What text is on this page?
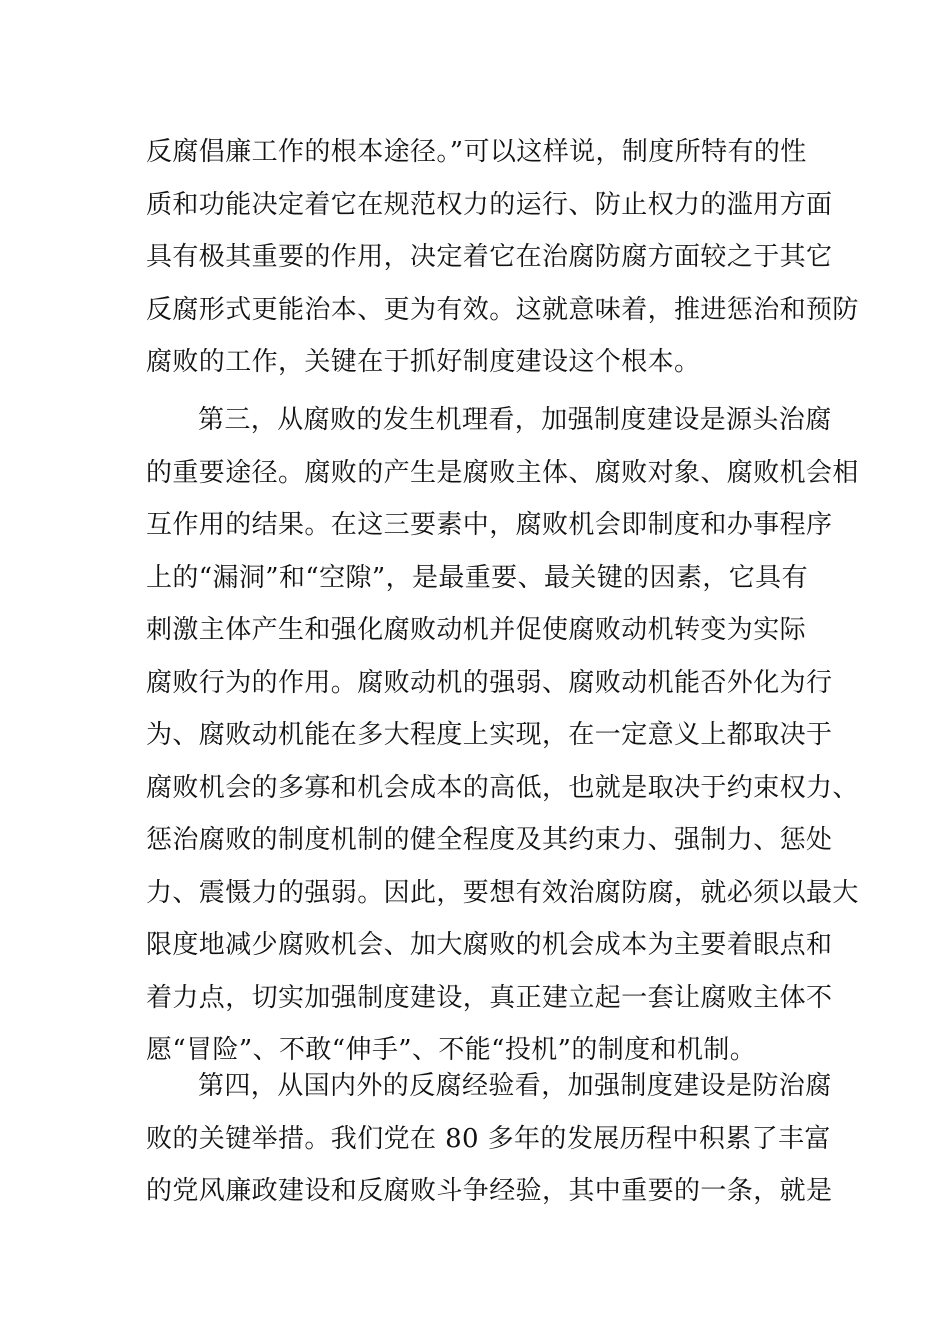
反腐倡廉工作的根本途径。”可以这样说，制度所特有的性
质和功能决定着它在规范权力的运行、防止权力的滥用方面
具有极其重要的作用，决定着它在治腐防腐方面较之于其它
反腐形式更能治本、更为有效。这就意味着，推进惩治和预防
腐败的工作，关键在于抓好制度建设这个根本。
第三，从腐败的发生机理看，加强制度建设是源头治腐
的重要途径。腐败的产生是腐败主体、腐败对象、腐败机会相
互作用的结果。在这三要素中，腐败机会即制度和办事程序
上的“漏洞”和“空隙”，是最重要、最关键的因素，它具有
刺激主体产生和强化腐败动机并促使腐败动机转变为实际
腐败行为的作用。腐败动机的强弱、腐败动机能否外化为行
为、腐败动机能在多大程度上实现，在一定意义上都取决于
腐败机会的多寡和机会成本的高低，也就是取决于约束权力、
惩治腐败的制度机制的健全程度及其约束力、强制力、惩处
力、震慑力的强弱。因此，要想有效治腐防腐，就必须以最大
限度地减少腐败机会、加大腐败的机会成本为主要着眼点和
着力点，切实加强制度建设，真正建立起一套让腐败主体不
愿“冒险”、不敢“伸手”、不能“投机”的制度和机制。
第四，从国内外的反腐经验看，加强制度建设是防治腐
败的关键举措。我们党在 80 多年的发展历程中积累了丰富
的党风廉政建设和反腐败斗争经验，其中重要的一条，就是
